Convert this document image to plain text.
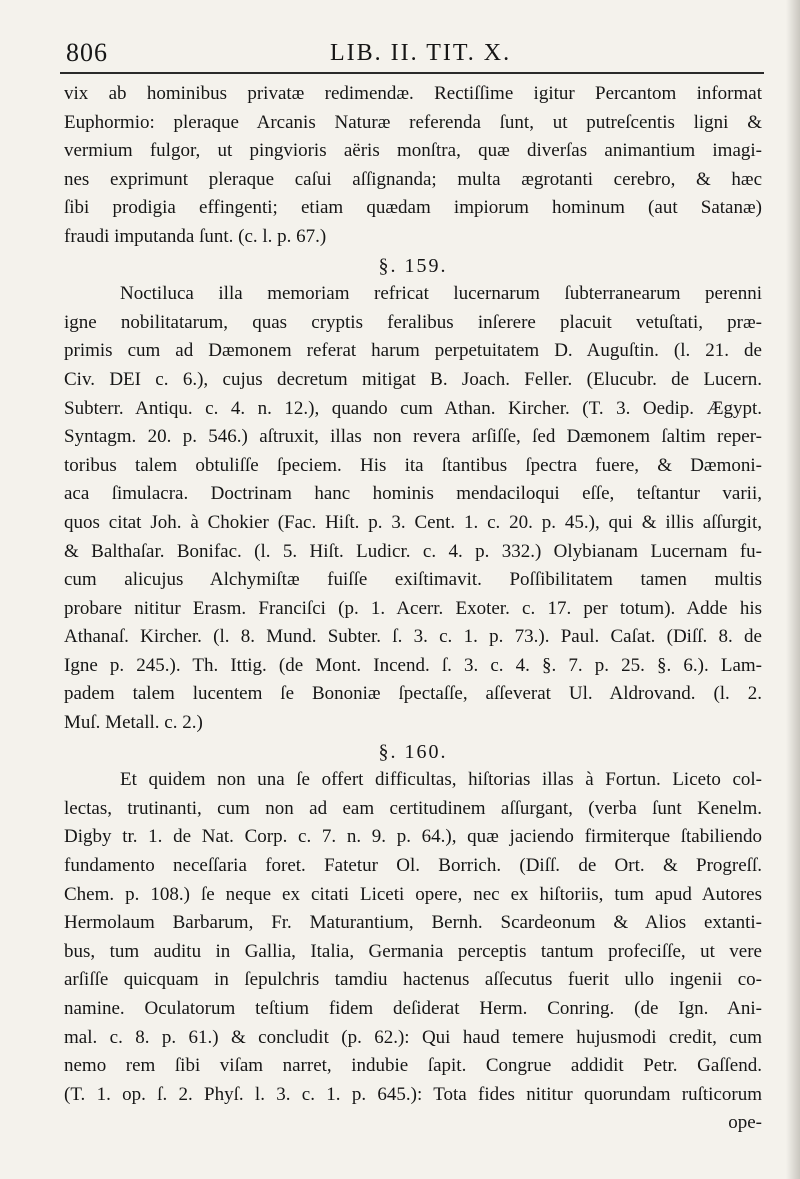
806	LIB. II. TIT. X.
vix ab hominibus privatæ redimendæ. Rectiſſime igitur Percantom informat
Euphormio: pleraque Arcanis Naturæ referenda ſunt, ut putreſcentis ligni &
vermium fulgor, ut pingvioris aëris monſtra, quæ diverſas animantium imagi-
nes exprimunt pleraque caſui aſſignanda; multa ægrotanti cerebro, & hæc
ſibi prodigia effingenti; etiam quædam impiorum hominum (aut Satanæ)
fraudi imputanda ſunt. (c. l. p. 67.)
§. 159.
Noctiluca illa memoriam refricat lucernarum ſubterranearum perenni
igne nobilitatarum, quas cryptis feralibus inſerere placuit vetuſtati, præ-
primis cum ad Dæmonem referat harum perpetuitatem D. Auguſtin. (l. 21. de
Civ. DEI c. 6.), cujus decretum mitigat B. Joach. Feller. (Elucubr. de Lucern.
Subterr. Antiqu. c. 4. n. 12.), quando cum Athan. Kircher. (T. 3. Oedip. Ægypt.
Syntagm. 20. p. 546.) aſtruxit, illas non revera arſiſſe, ſed Dæmonem ſaltim reper-
toribus talem obtuliſſe ſpeciem. His ita ſtantibus ſpectra fuere, & Dæmoni-
aca ſimulacra. Doctrinam hanc hominis mendaciloqui eſſe, teſtantur varii,
quos citat Joh. à Chokier (Fac. Hiſt. p. 3. Cent. 1. c. 20. p. 45.), qui & illis aſſurgit,
& Balthaſar. Bonifac. (l. 5. Hiſt. Ludicr. c. 4. p. 332.) Olybianam Lucernam fu-
cum alicujus Alchymiſtæ fuiſſe exiſtimavit. Poſſibilitatem tamen multis
probare nititur Erasm. Franciſci (p. 1. Acerr. Exoter. c. 17. per totum). Adde his
Athanaſ. Kircher. (l. 8. Mund. Subter. ſ. 3. c. 1. p. 73.). Paul. Caſat. (Diſſ. 8. de
Igne p. 245.). Th. Ittig. (de Mont. Incend. ſ. 3. c. 4. §. 7. p. 25. §. 6.). Lam-
padem talem lucentem ſe Bononiæ ſpectaſſe, aſſeverat Ul. Aldrovand. (l. 2.
Muſ. Metall. c. 2.)
§. 160.
Et quidem non una ſe offert difficultas, hiſtorias illas à Fortun. Liceto col-
lectas, trutinanti, cum non ad eam certitudinem aſſurgant, (verba ſunt Kenelm.
Digby tr. 1. de Nat. Corp. c. 7. n. 9. p. 64.), quæ jaciendo firmiterque ſtabiliendo
fundamento neceſſaria foret. Fatetur Ol. Borrich. (Diſſ. de Ort. & Progreſſ.
Chem. p. 108.) ſe neque ex citati Liceti opere, nec ex hiſtoriis, tum apud Autores
Hermolaum Barbarum, Fr. Maturantium, Bernh. Scardeonum & Alios extanti-
bus, tum auditu in Gallia, Italia, Germania perceptis tantum profeciſſe, ut vere
arſiſſe quicquam in ſepulchris tamdiu hactenus aſſecutus fuerit ullo ingenii co-
namine. Oculatorum teſtium fidem deſiderat Herm. Conring. (de Ign. Ani-
mal. c. 8. p. 61.) & concludit (p. 62.): Qui haud temere hujusmodi credit, cum
nemo rem ſibi viſam narret, indubie ſapit. Congrue addidit Petr. Gaſſend.
(T. 1. op. ſ. 2. Phyſ. l. 3. c. 1. p. 645.): Tota fides nititur quorundam ruſticorum
ope-
